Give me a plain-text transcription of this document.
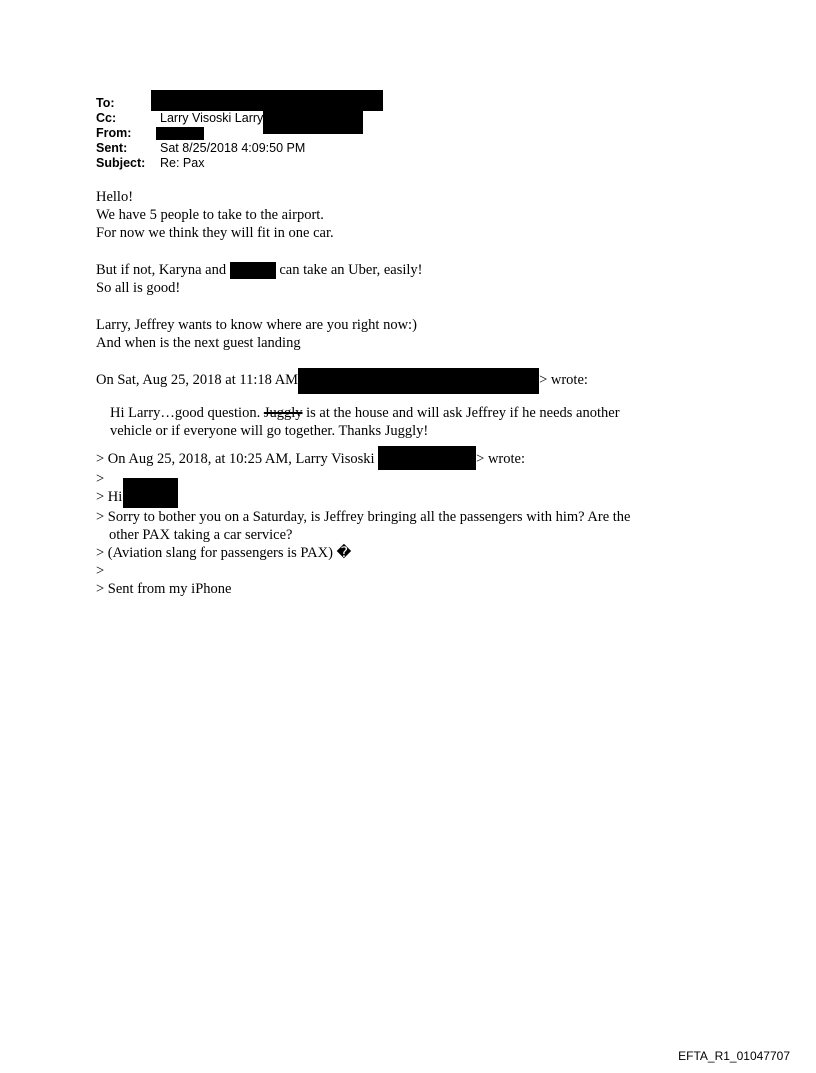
To:
Cc:	Larry Visoski Larry
From:
Sent:	Sat 8/25/2018 4:09:50 PM
Subject:	Re: Pax
Hello!
We have 5 people to take to the airport.
For now we think they will fit in one car.
But if not, Karyna and	can take an Uber, easily!
So all is good!
Larry, Jeffrey wants to know where are you right now:)
And when is the next guest landing
On Sat, Aug 25, 2018 at 11:18 AM	> wrote:
Hi Larry…good question. Juggly is at the house and will ask Jeffrey if he needs another
vehicle or if everyone will go together. Thanks Juggly!
> On Aug 25, 2018, at 10:25 AM, Larry Visoski	> wrote:
>
> Hi
> Sorry to bother you on a Saturday, is Jeffrey bringing all the passengers with him? Are the
other PAX taking a car service?
> (Aviation slang for passengers is PAX) �
>
> Sent from my iPhone
EFTA_R1_01047707
